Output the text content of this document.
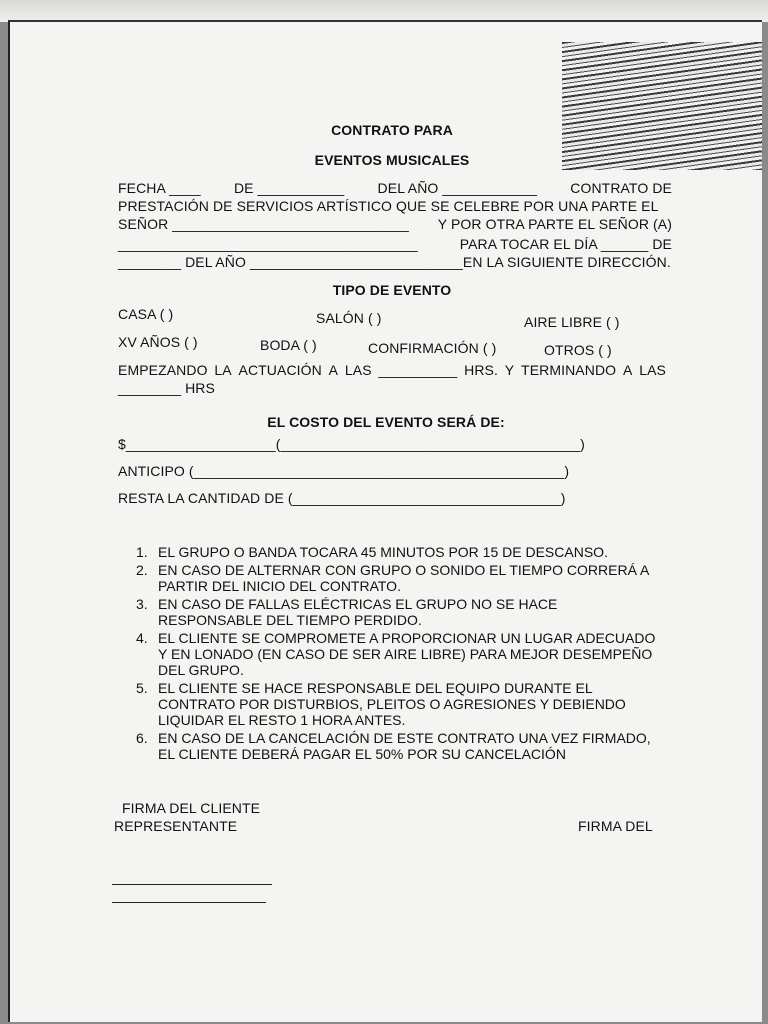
CONTRATO PARA
EVENTOS MUSICALES
FECHA ____ DE ___________ DEL AÑO ____________ CONTRATO DE
PRESTACIÓN DE SERVICIOS ARTÍSTICO QUE SE CELEBRE POR UNA PARTE EL
SEÑOR ______________________________ Y POR OTRA PARTE EL SEÑOR (A)
______________________________________	PARA TOCAR EL DÍA ______ DE
________ DEL AÑO ___________________________ EN LA SIGUIENTE DIRECCIÓN.
TIPO DE EVENTO
CASA ( )	SALÓN ( )	AIRE LIBRE ( )
XV AÑOS ( )	BODA ( )	CONFIRMACIÓN ( )	OTROS ( )
EMPEZANDO LA ACTUACIÓN A LAS __________ HRS. Y TERMINANDO A LAS
________ HRS
EL COSTO DEL EVENTO SERÁ DE:
$___________________(______________________________________)
ANTICIPO (_______________________________________________)
RESTA LA CANTIDAD DE (__________________________________)
1. EL GRUPO O BANDA TOCARA 45 MINUTOS POR 15 DE DESCANSO.
2. EN CASO DE ALTERNAR CON GRUPO O SONIDO EL TIEMPO CORRERÁ A PARTIR DEL INICIO DEL CONTRATO.
3. EN CASO DE FALLAS ELÉCTRICAS EL GRUPO NO SE HACE RESPONSABLE DEL TIEMPO PERDIDO.
4. EL CLIENTE SE COMPROMETE A PROPORCIONAR UN LUGAR ADECUADO Y EN LONADO (EN CASO DE SER AIRE LIBRE) PARA MEJOR DESEMPEÑO DEL GRUPO.
5. EL CLIENTE SE HACE RESPONSABLE DEL EQUIPO DURANTE EL CONTRATO POR DISTURBIOS, PLEITOS O AGRESIONES Y DEBIENDO LIQUIDAR EL RESTO 1 HORA ANTES.
6. EN CASO DE LA CANCELACIÓN DE ESTE CONTRATO UNA VEZ FIRMADO, EL CLIENTE DEBERÁ PAGAR EL 50% POR SU CANCELACIÓN
FIRMA DEL CLIENTE
REPRESENTANTE	FIRMA DEL
